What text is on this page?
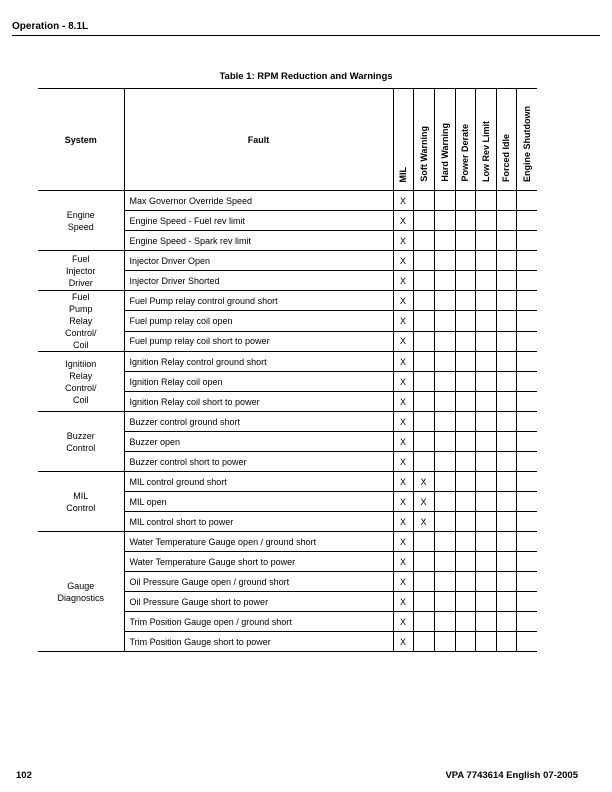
Operation - 8.1L
Table 1: RPM Reduction and Warnings
System	Fault	MIL	Soft Warning	Hard Warning	Power Derate	Low Rev Limit	Forced Idle	Engine Shutdown
Engine
Speed	Max Governor Override Speed	X						
	Engine Speed - Fuel rev limit	X						
	Engine Speed - Spark rev limit	X						
Fuel
Injector
Driver	Injector Driver Open	X						
	Injector Driver Shorted	X						
Fuel
Pump
Relay
Control/
Coil	Fuel Pump relay control ground short	X						
	Fuel pump relay coil open	X						
	Fuel pump relay coil short to power	X						
Ignitiion
Relay
Control/
Coil	Ignition Relay control ground short	X						
	Ignition Relay coil open	X						
	Ignition Relay coil short to power	X						
Buzzer
Control	Buzzer control ground short	X						
	Buzzer open	X						
	Buzzer control short to power	X						
MIL
Control	MIL control ground short	X	X					
	MIL open	X	X					
	MIL control short to power	X	X					
Gauge
Diagnostics	Water Temperature Gauge open / ground short	X						
	Water Temperature Gauge short to power	X						
	Oil Pressure Gauge open / ground short	X						
	Oil Pressure Gauge short to power	X						
	Trim Position Gauge open / ground short	X						
	Trim Position Gauge short to power	X						
102	VPA 7743614 English 07-2005
